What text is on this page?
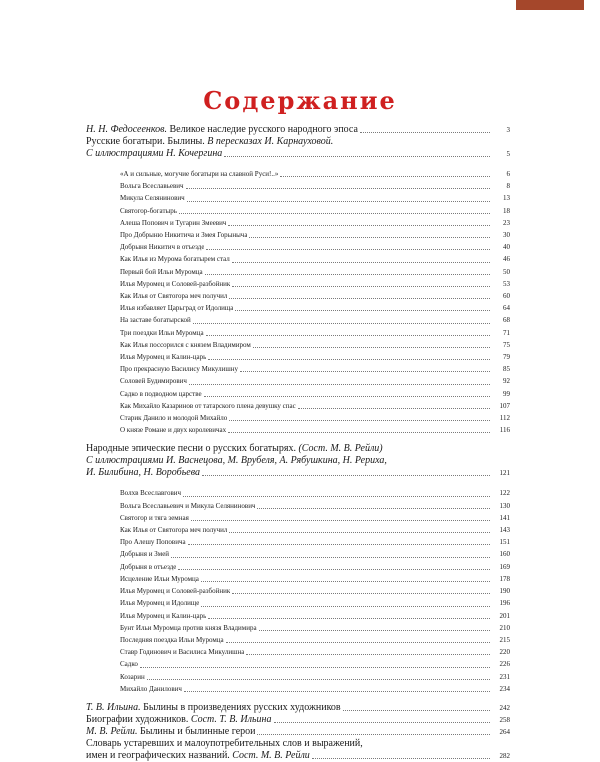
Содержание
Н. Н. Федосеенков. Великое наследие русского народного эпоса	3
Русские богатыри. Былины. В пересказах И. Карнауховой.
С иллюстрациями Н. Кочергина	5
«А и сильные, могучие богатыри на славной Руси!..»	6
Вольга Всеславьевич	8
Микула Селянинович	13
Святогор-богатырь	18
Алеша Попович и Тугарин Змеевич	23
Про Добрыню Никитича и Змея Горыныча	30
Добрыня Никитич в отъезде	40
Как Илья из Мурома богатырем стал	46
Первый бой Ильи Муромца	50
Илья Муромец и Соловей-разбойник	53
Как Илья от Святогора меч получил	60
Илья избавляет Царьград от Идолища	64
На заставе богатырской	68
Три поездки Ильи Муромца	71
Как Илья поссорился с князем Владимиром	75
Илья Муромец и Калин-царь	79
Про прекрасную Василису Микулишну	85
Соловей Будимирович	92
Садко в подводном царстве	99
Как Михайло Казаринов от татарского плена девушку спас	107
Старик Данило и молодой Михайло	112
О князе Романе и двух королевичах	116
Народные эпические песни о русских богатырях. (Сост. М. В. Рейли)
С иллюстрациями И. Васнецова, М. Врубеля, А. Рябушкина, Н. Рериха,
И. Билибина, Н. Воробьева	121
Волхв Всеславгович	122
Вольга Всеславьевич и Микула Селянинович	130
Святогор и тяга земная	141
Как Илья от Святогора меч получил	143
Про Алешу Поповича	151
Добрыня и Змей	160
Добрыня в отъезде	169
Исцеление Ильи Муромца	178
Илья Муромец и Соловей-разбойник	190
Илья Муромец и Идолище	196
Илья Муромец и Калин-царь	201
Бунт Ильи Муромца против князя Владимира	210
Последняя поездка Ильи Муромца	215
Ставр Годинович и Василиса Микулишна	220
Садко	226
Козарин	231
Михайло Данилович	234
Т. В. Ильина. Былины в произведениях русских художников	242
Биографии художников. Сост. Т. В. Ильина	258
М. В. Рейли. Былины и былинные герои	264
Словарь устаревших и малоупотребительных слов и выражений,
имен и географических названий. Сост. М. В. Рейли	282
